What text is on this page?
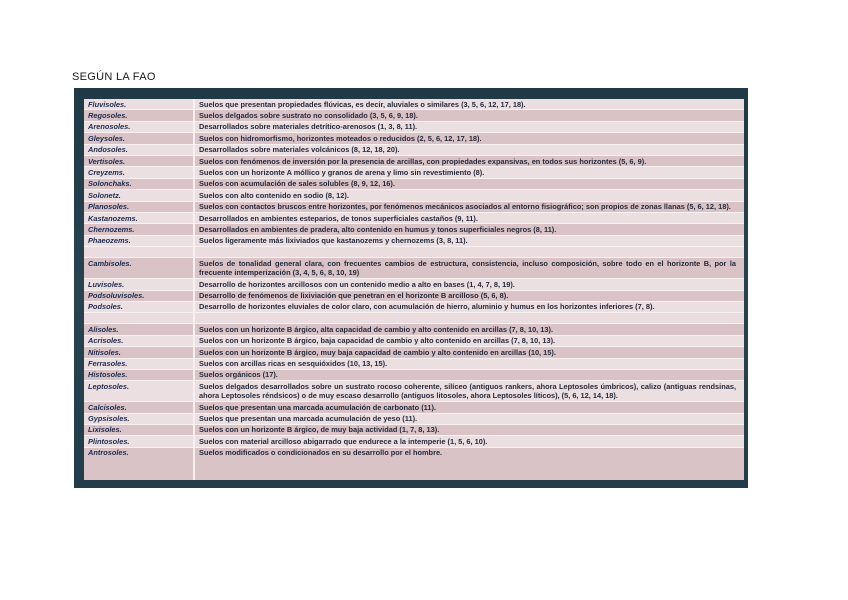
SEGÚN LA FAO
Fluvisoles.	Suelos que presentan propiedades flúvicas, es decir, aluviales o similares (3, 5, 6, 12, 17, 18).
Regosoles.	Suelos delgados sobre sustrato no consolidado (3, 5, 6, 9, 18).
Arenosoles.	Desarrollados sobre materiales detrítico-arenosos (1, 3, 8, 11).
Gleysoles.	Suelos con hidromorfismo, horizontes moteados o reducidos (2, 5, 6, 12, 17, 18).
Andosoles.	Desarrollados sobre materiales volcánicos (8, 12, 18, 20).
Vertisoles.	Suelos con fenómenos de inversión por la presencia de arcillas, con propiedades expansivas, en todos sus horizontes (5, 6, 9).
Creyzems.	Suelos con un horizonte A móllico y granos de arena y limo sin revestimiento (8).
Solonchaks.	Suelos con acumulación de sales solubles (8, 9, 12, 16).
Solonetz.	Suelos con alto contenido en sodio (8, 12).
Planosoles.	Suelos con contactos bruscos entre horizontes, por fenómenos mecánicos asociados al entorno fisiográfico; son propios de zonas llanas (5, 6, 12, 18).
Kastanozems.	Desarrollados en ambientes esteparios, de tonos superficiales castaños (9, 11).
Chernozems.	Desarrollados en ambientes de pradera, alto contenido en humus y tonos superficiales negros (8, 11).
Phaeozems.	Suelos ligeramente más lixiviados que kastanozems y chernozems (3, 8, 11).

Cambisoles.	Suelos de tonalidad general clara, con frecuentes cambios de estructura, consistencia, incluso composición, sobre todo en el horizonte B, por la frecuente intemperización (3, 4, 5, 6, 8, 10, 19)
Luvisoles.	Desarrollo de horizontes arcillosos con un contenido medio a alto en bases (1, 4, 7, 8, 19).
Podsoluvisoles.	Desarrollo de fenómenos de lixiviación que penetran en el horizonte B arcilloso (5, 6, 8).
Podsoles.	Desarrollo de horizontes eluviales de color claro, con acumulación de hierro, aluminio y humus en los horizontes inferiores (7, 8).

Alisoles.	Suelos con un horizonte B árgico, alta capacidad de cambio y alto contenido en arcillas (7, 8, 10, 13).
Acrisoles.	Suelos con un horizonte B árgico, baja capacidad de cambio y alto contenido en arcillas (7, 8, 10, 13).
Nitisoles.	Suelos con un horizonte B árgico, muy baja capacidad de cambio y alto contenido en arcillas (10, 15).
Ferrasoles.	Suelos con arcillas ricas en sesquióxidos (10, 13, 15).
Histosoles.	Suelos orgánicos (17).
Leptosoles.	Suelos delgados desarrollados sobre un sustrato rocoso coherente, silíceo (antiguos rankers, ahora Leptosoles úmbricos), calizo (antiguas rendsinas, ahora Leptosoles réndsicos) o de muy escaso desarrollo (antiguos litosoles, ahora Leptosoles líticos), (5, 6, 12, 14, 18).
Calcisoles.	Suelos que presentan una marcada acumulación de carbonato (11).
Gypsisoles.	Suelos que presentan una marcada acumulación de yeso (11).
Lixisoles.	Suelos con un horizonte B árgico, de muy baja actividad (1, 7, 8, 13).
Plintosoles.	Suelos con material arcilloso abigarrado que endurece a la intemperie (1, 5, 6, 10).
Antrosoles.	Suelos modificados o condicionados en su desarrollo por el hombre.
